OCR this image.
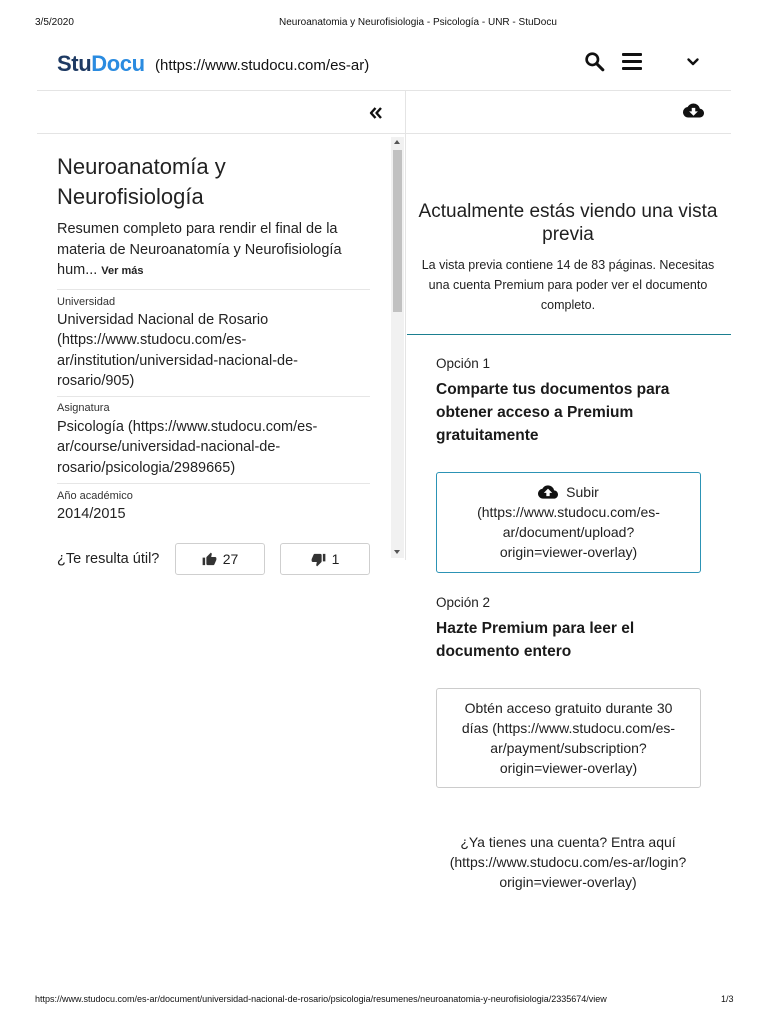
3/5/2020	Neuroanatomia y Neurofisiologia - Psicología - UNR - StuDocu
StuDocu (https://www.studocu.com/es-ar)
Neuroanatomía y Neurofisiología
Resumen completo para rendir el final de la
materia de Neuroanatomía y Neurofisiología
hum... Ver más
Universidad
Universidad Nacional de Rosario
(https://www.studocu.com/es-
ar/institution/universidad-nacional-de-
rosario/905)
Asignatura
Psicología (https://www.studocu.com/es-
ar/course/universidad-nacional-de-
rosario/psicologia/2989665)
Año académico
2014/2015
¿Te resulta útil?	27	1
Actualmente estás viendo una vista previa
La vista previa contiene 14 de 83 páginas. Necesitas una cuenta Premium para poder ver el documento completo.
Opción 1
Comparte tus documentos para obtener acceso a Premium gratuitamente
Subir
(https://www.studocu.com/es-
ar/document/upload?
origin=viewer-overlay)
Opción 2
Hazte Premium para leer el documento entero
Obtén acceso gratuito durante 30
días (https://www.studocu.com/es-
ar/payment/subscription?
origin=viewer-overlay)
¿Ya tienes una cuenta? Entra aquí
(https://www.studocu.com/es-ar/login?
origin=viewer-overlay)
https://www.studocu.com/es-ar/document/universidad-nacional-de-rosario/psicologia/resumenes/neuroanatomia-y-neurofisiologia/2335674/view	1/3
